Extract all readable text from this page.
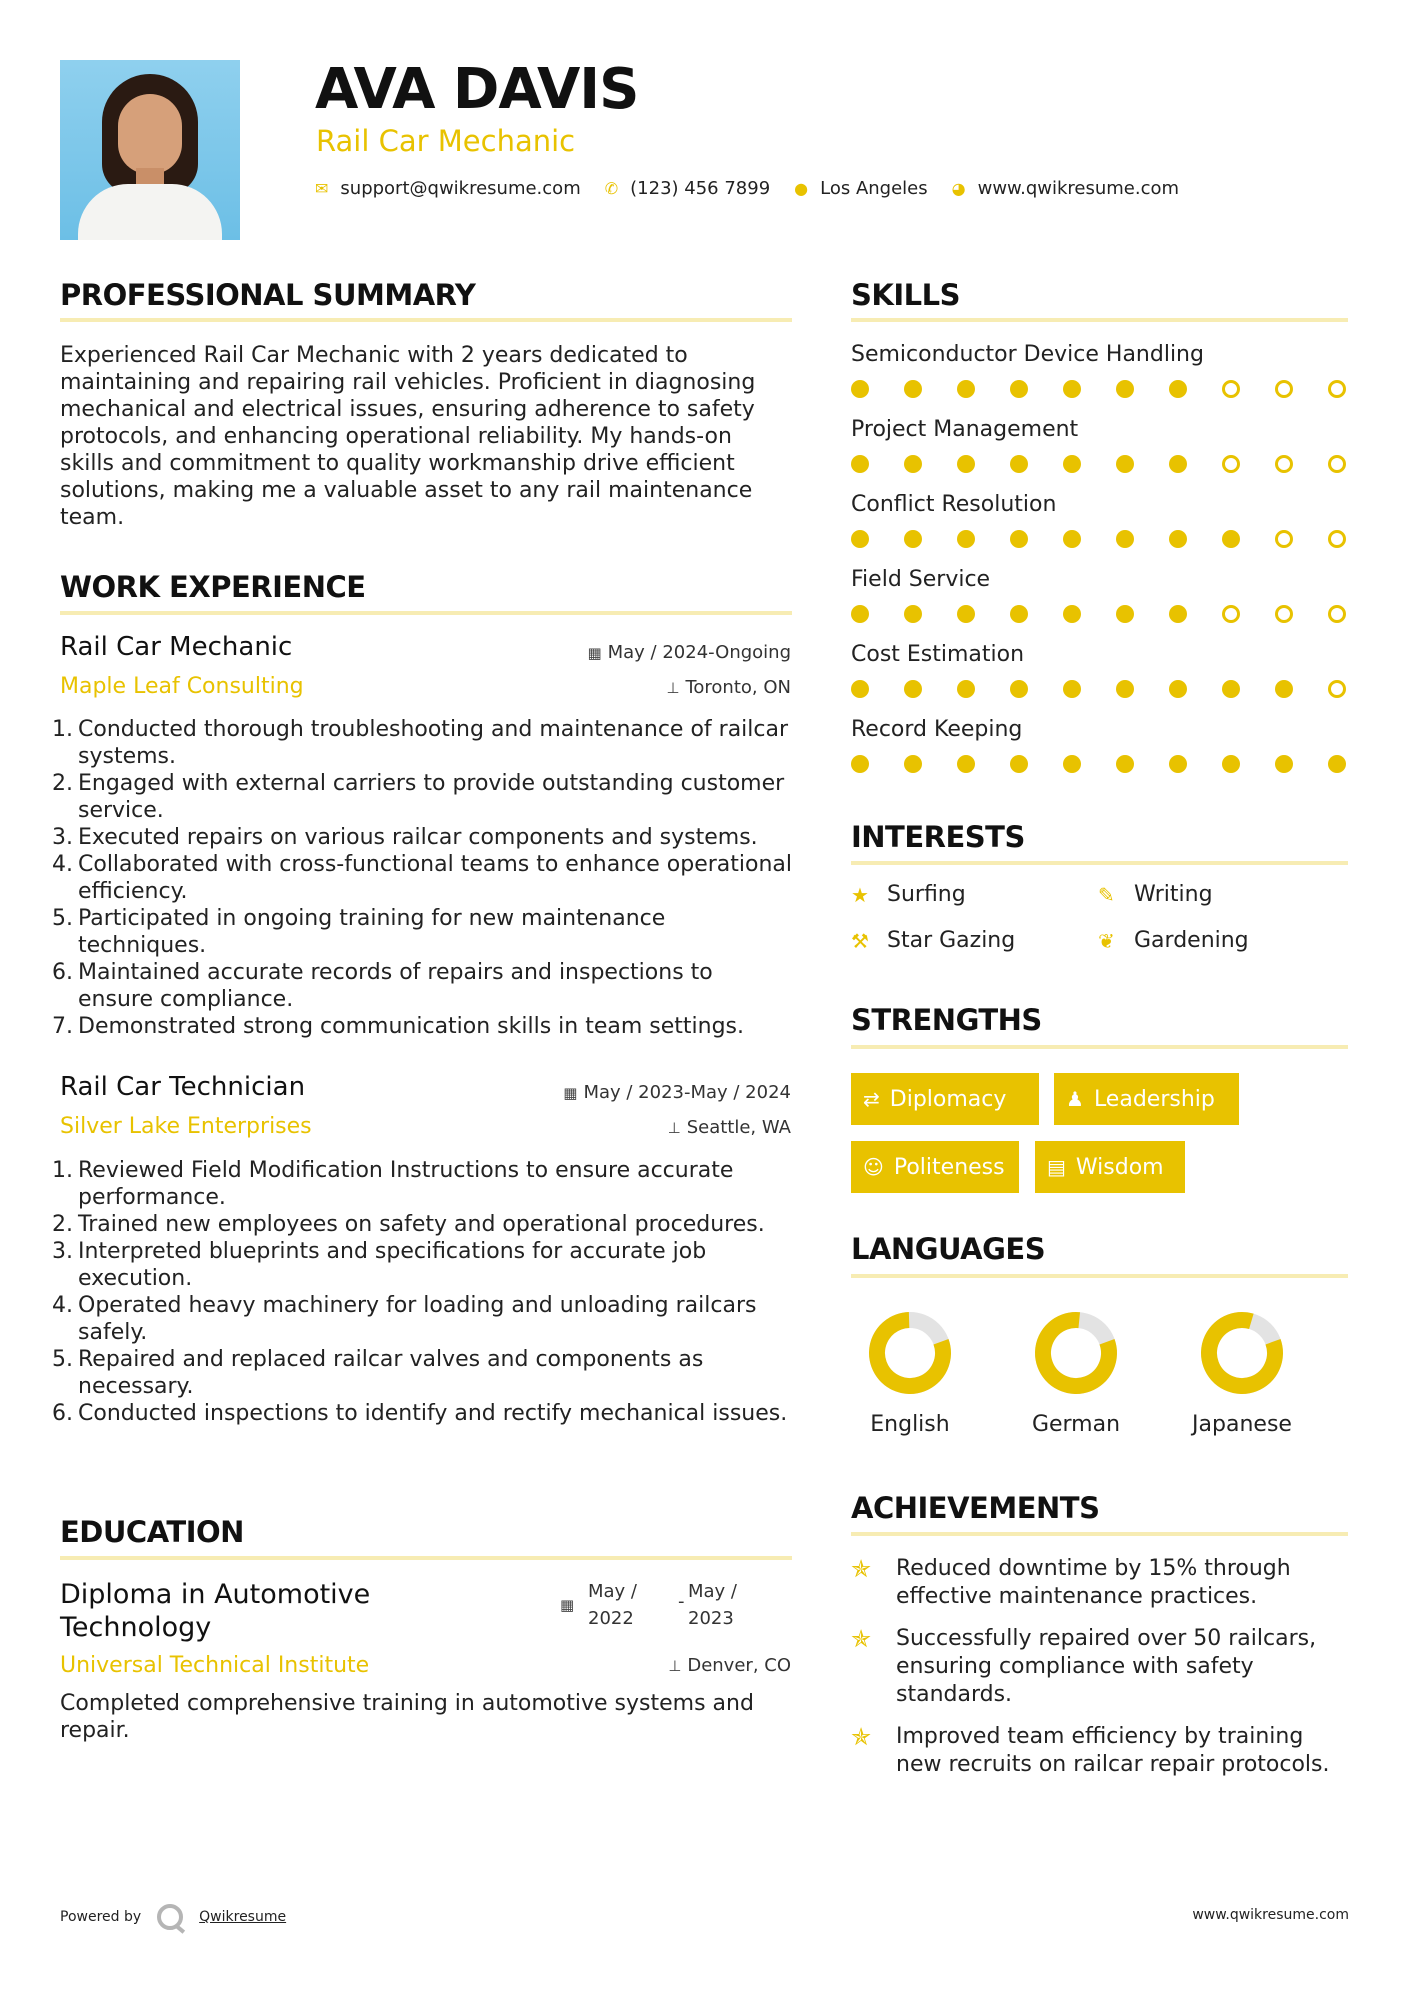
AVA DAVIS
Rail Car Mechanic
✉ support@qwikresume.com ✆ (123) 456 7899 ● Los Angeles ◕ www.qwikresume.com
PROFESSIONAL SUMMARY
Experienced Rail Car Mechanic with 2 years dedicated to maintaining and repairing rail vehicles. Proficient in diagnosing mechanical and electrical issues, ensuring adherence to safety protocols, and enhancing operational reliability. My hands-on skills and commitment to quality workmanship drive efficient solutions, making me a valuable asset to any rail maintenance team.
WORK EXPERIENCE
Rail Car Mechanic	▦ May / 2024-Ongoing
Maple Leaf Consulting	⊥ Toronto, ON
1. Conducted thorough troubleshooting and maintenance of railcar systems.
2. Engaged with external carriers to provide outstanding customer service.
3. Executed repairs on various railcar components and systems.
4. Collaborated with cross-functional teams to enhance operational efficiency.
5. Participated in ongoing training for new maintenance techniques.
6. Maintained accurate records of repairs and inspections to ensure compliance.
7. Demonstrated strong communication skills in team settings.
Rail Car Technician	▦ May / 2023-May / 2024
Silver Lake Enterprises	⊥ Seattle, WA
1. Reviewed Field Modification Instructions to ensure accurate performance.
2. Trained new employees on safety and operational procedures.
3. Interpreted blueprints and specifications for accurate job execution.
4. Operated heavy machinery for loading and unloading railcars safely.
5. Repaired and replaced railcar valves and components as necessary.
6. Conducted inspections to identify and rectify mechanical issues.
EDUCATION
Diploma in Automotive Technology
▦
May /
2022
- May /
2023
Universal Technical Institute	⊥ Denver, CO
Completed comprehensive training in automotive systems and repair.
SKILLS
Semiconductor Device Handling
Project Management
Conflict Resolution
Field Service
Cost Estimation
Record Keeping
INTERESTS
★ Surfing	✎ Writing
⚒ Star Gazing	❦ Gardening
STRENGTHS
⇄ Diplomacy	♟ Leadership
☺ Politeness ▤ Wisdom
LANGUAGES
English	German	Japanese
ACHIEVEMENTS
✯	Reduced downtime by 15% through effective maintenance practices.
✯	Successfully repaired over 50 railcars, ensuring compliance with safety standards.
✯	Improved team efficiency by training new recruits on railcar repair protocols.
Powered by	Qwikresume	www.qwikresume.com
